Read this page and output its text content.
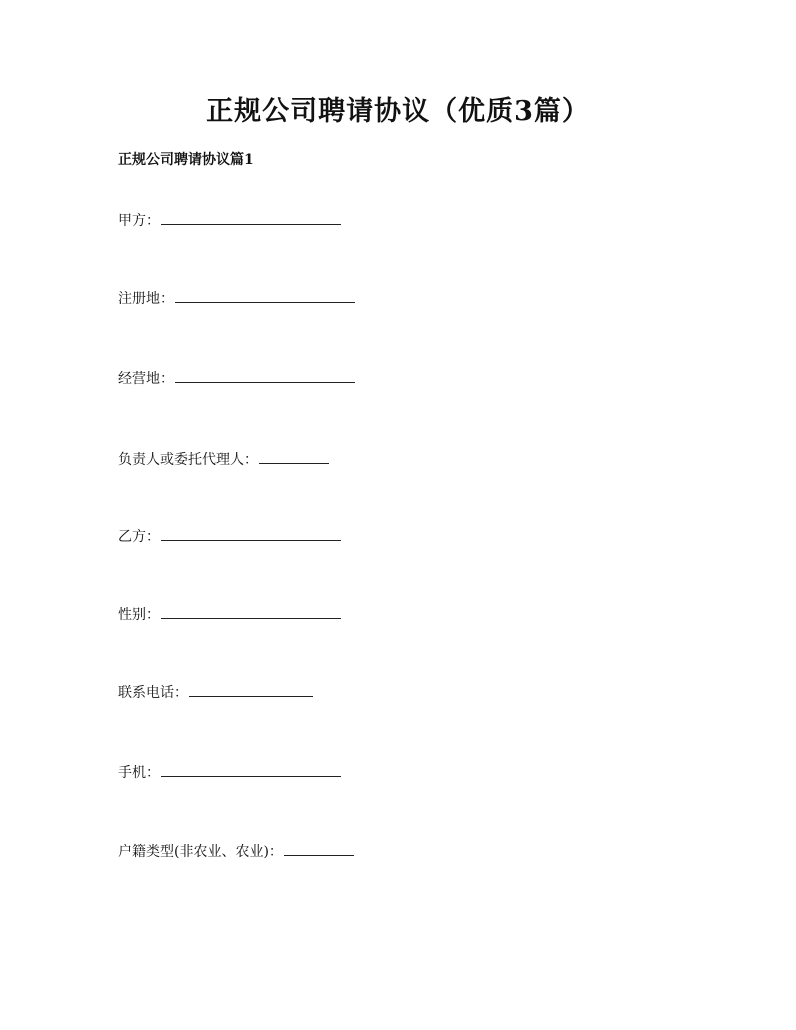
正规公司聘请协议（优质3篇）
正规公司聘请协议篇1
甲方：
注册地：
经营地：
负责人或委托代理人：
乙方：
性别：
联系电话：
手机：
户籍类型(非农业、农业)：
